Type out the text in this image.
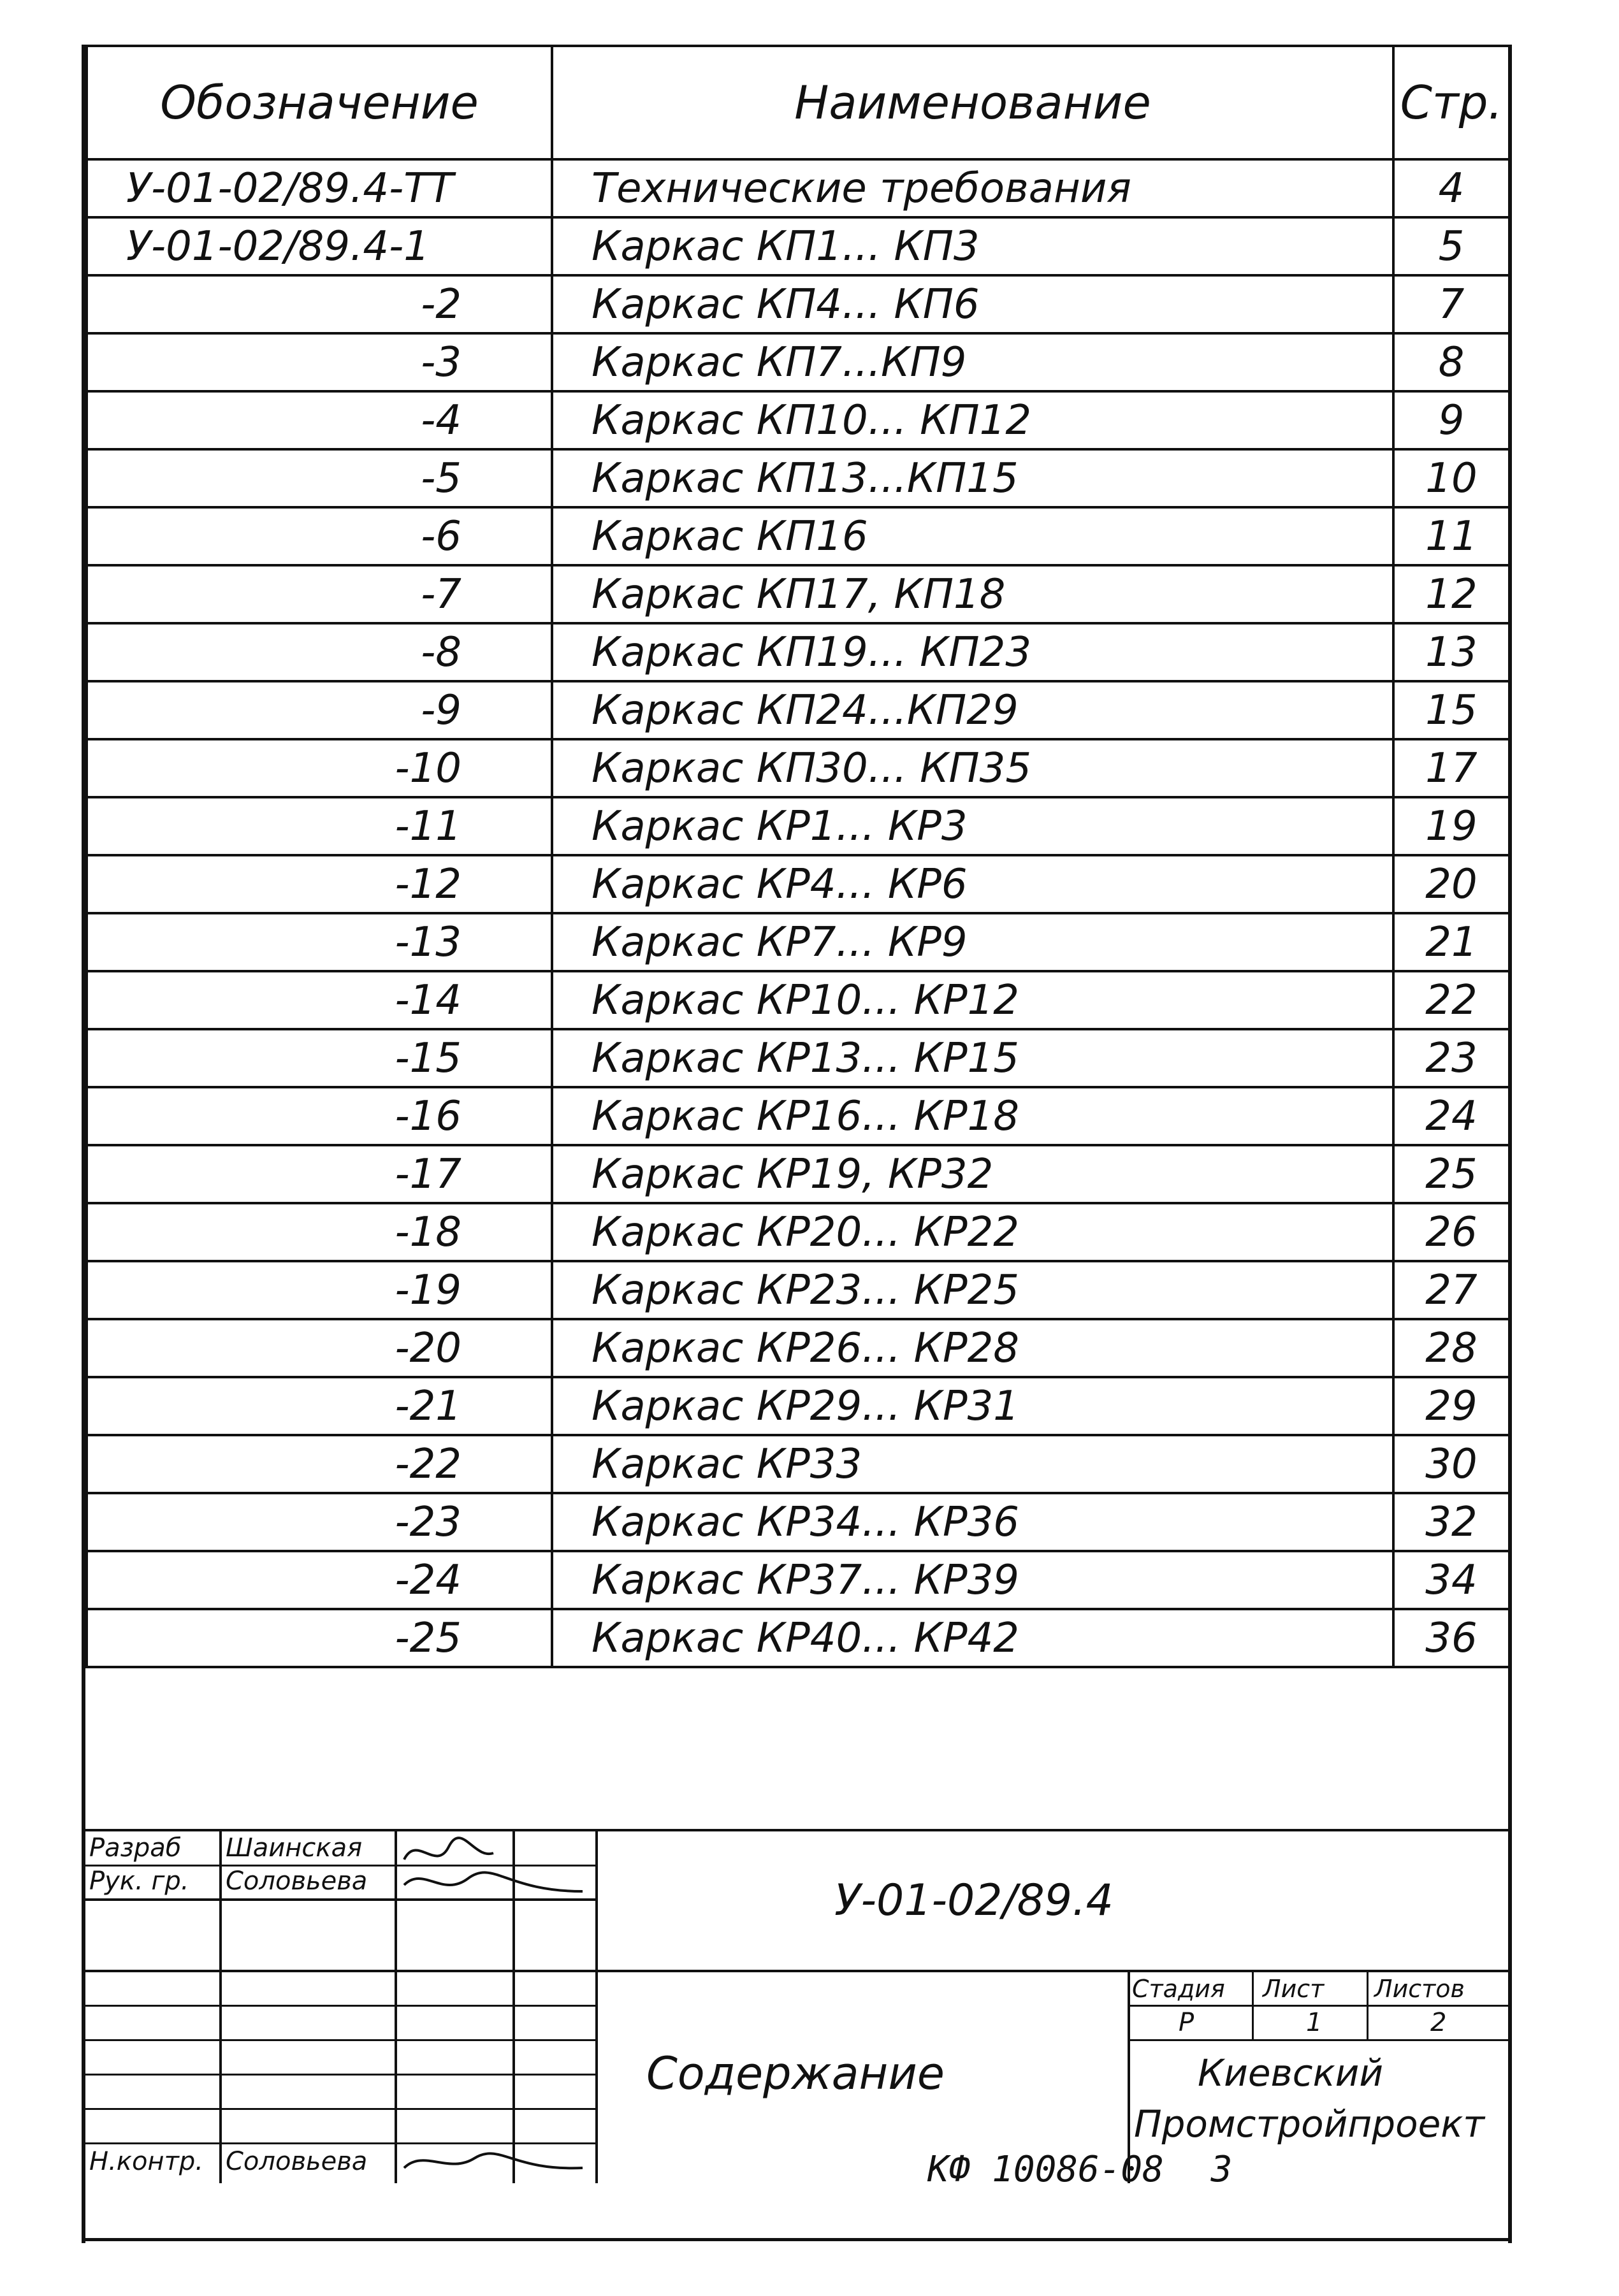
Обозначение	Наименование	Стр.
У-01-02/89.4-ТТ	Технические требования	4
У-01-02/89.4-1	Каркас КП1... КП3	5
-2	Каркас КП4... КП6	7
-3	Каркас КП7...КП9	8
-4	Каркас КП10... КП12	9
-5	Каркас КП13...КП15	10
-6	Каркас КП16	11
-7	Каркас КП17, КП18	12
-8	Каркас КП19... КП23	13
-9	Каркас КП24...КП29	15
-10	Каркас КП30... КП35	17
-11	Каркас КР1... КР3	19
-12	Каркас КР4... КР6	20
-13	Каркас КР7... КР9	21
-14	Каркас КР10... КР12	22
-15	Каркас КР13... КР15	23
-16	Каркас КР16... КР18	24
-17	Каркас КР19, КР32	25
-18	Каркас КР20... КР22	26
-19	Каркас КР23... КР25	27
-20	Каркас КР26... КР28	28
-21	Каркас КР29... КР31	29
-22	Каркас КР33	30
-23	Каркас КР34... КР36	32
-24	Каркас КР37... КР39	34
-25	Каркас КР40... КР42	36
Разраб Шаинская
Рук. гр. Соловьева
Н.контр. Соловьева
У-01-02/89.4
Содержание
Стадия Лист Листов
Р	1	2
Киевский
Промстройпроект
КФ 10086-08 3
